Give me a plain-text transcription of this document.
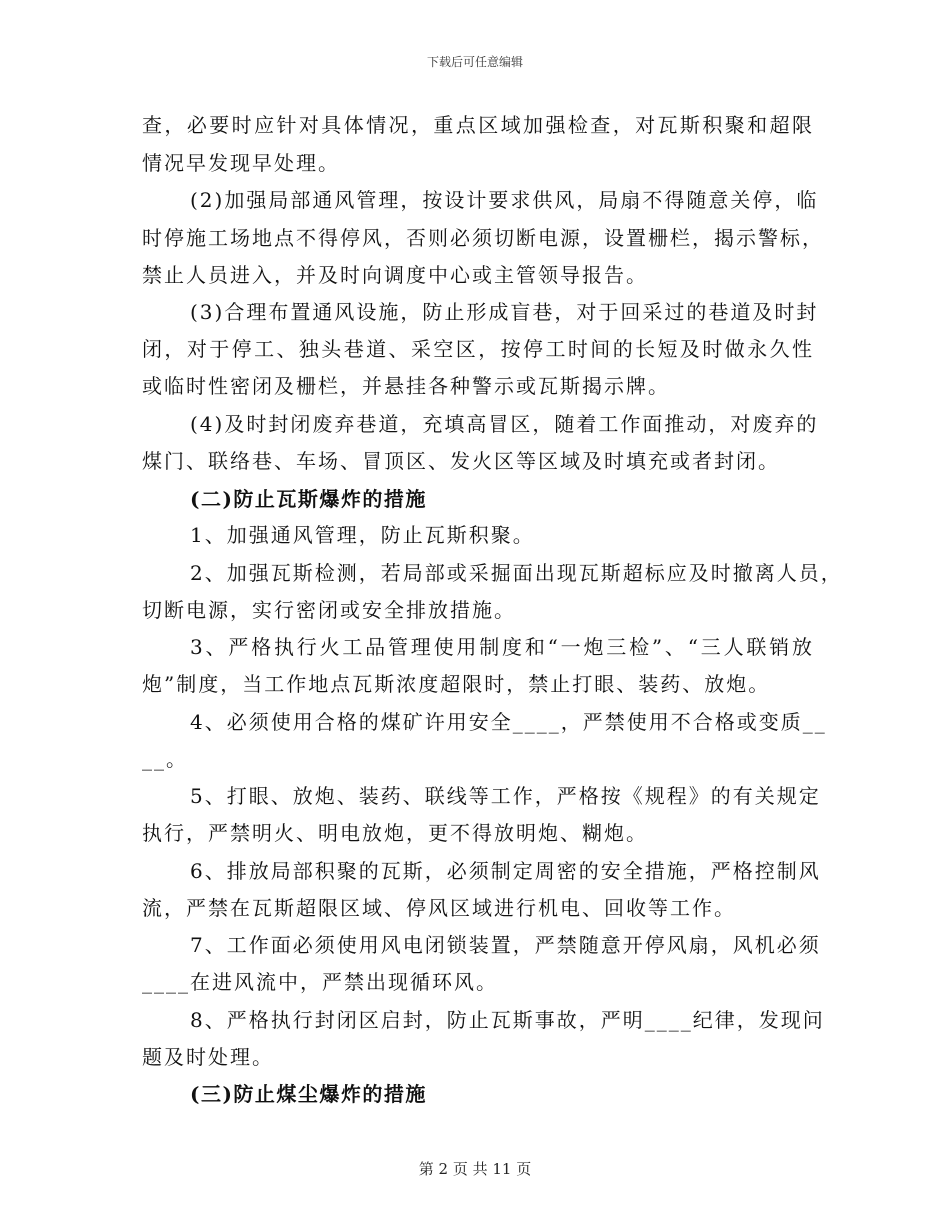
下载后可任意编辑
查，必要时应针对具体情况，重点区域加强检查，对瓦斯积聚和超限
情况早发现早处理。
(2)加强局部通风管理，按设计要求供风，局扇不得随意关停，临
时停施工场地点不得停风，否则必须切断电源，设置栅栏，揭示警标，
禁止人员进入，并及时向调度中心或主管领导报告。
(3)合理布置通风设施，防止形成盲巷，对于回采过的巷道及时封
闭，对于停工、独头巷道、采空区，按停工时间的长短及时做永久性
或临时性密闭及栅栏，并悬挂各种警示或瓦斯揭示牌。
(4)及时封闭废弃巷道，充填高冒区，随着工作面推动，对废弃的
煤门、联络巷、车场、冒顶区、发火区等区域及时填充或者封闭。
(二)防止瓦斯爆炸的措施
1、加强通风管理，防止瓦斯积聚。
2、加强瓦斯检测，若局部或采掘面出现瓦斯超标应及时撤离人员，
切断电源，实行密闭或安全排放措施。
3、严格执行火工品管理使用制度和“一炮三检”、“三人联销放
炮”制度，当工作地点瓦斯浓度超限时，禁止打眼、装药、放炮。
4、必须使用合格的煤矿许用安全____，严禁使用不合格或变质__
__。
5、打眼、放炮、装药、联线等工作，严格按《规程》的有关规定
执行，严禁明火、明电放炮，更不得放明炮、糊炮。
6、排放局部积聚的瓦斯，必须制定周密的安全措施，严格控制风
流，严禁在瓦斯超限区域、停风区域进行机电、回收等工作。
7、工作面必须使用风电闭锁装置，严禁随意开停风扇，风机必须
____在进风流中，严禁出现循环风。
8、严格执行封闭区启封，防止瓦斯事故，严明____纪律，发现问
题及时处理。
(三)防止煤尘爆炸的措施
第 2 页 共 11 页
